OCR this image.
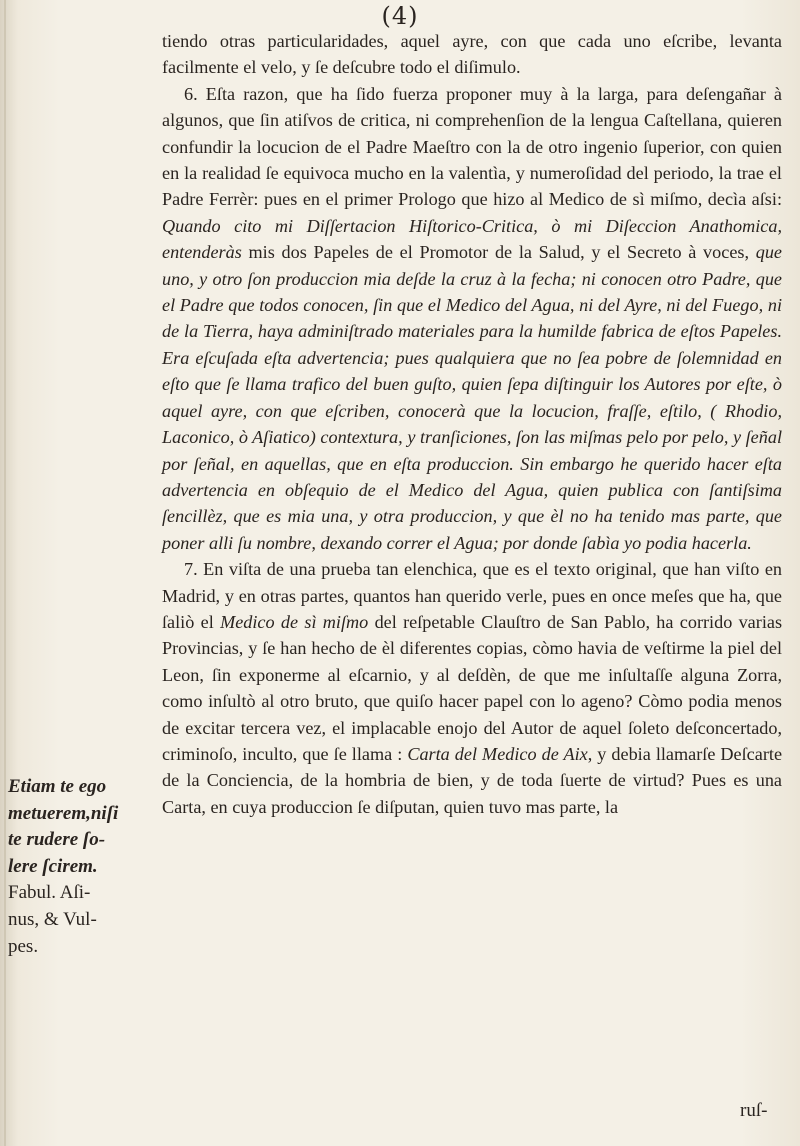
(4)

tiendo otras particularidades, aquel ayre, con que cada uno eſcribe, levanta facilmente el velo, y ſe deſcubre todo el diſimulo.

6. Eſta razon, que ha ſido fuerza proponer muy à la larga, para deſengañar à algunos, que ſin atiſvos de critica, ni comprehenſion de la lengua Caſtellana, quieren confundir la locucion de el Padre Maeſtro con la de otro ingenio ſuperior, con quien en la realidad ſe equivoca mucho en la valentìa, y numeroſidad del periodo, la trae el Padre Ferrèr: pues en el primer Prologo que hizo al Medico de sì miſmo, decìa aſsi: Quando cito mi Diſſertacion Hiſtorico-Critica, ò mi Diſeccion Anathomica, entenderàs mis dos Papeles de el Promotor de la Salud, y el Secreto à voces, que uno, y otro ſon produccion mia deſde la cruz à la fecha; ni conocen otro Padre, que el Padre que todos conocen, ſin que el Medico del Agua, ni del Ayre, ni del Fuego, ni de la Tierra, haya adminiſtrado materiales para la humilde fabrica de eſtos Papeles. Era eſcuſada eſta advertencia; pues qualquiera que no ſea pobre de ſolemnidad en eſto que ſe llama trafico del buen guſto, quien ſepa diſtinguir los Autores por eſte, ò aquel ayre, con que eſcriben, conocerà que la locucion, fraſſe, eſtilo, ( Rhodio, Laconico, ò Aſiatico) contextura, y tranſiciones, ſon las miſmas pelo por pelo, y ſeñal por ſeñal, en aquellas, que en eſta produccion. Sin embargo he querido hacer eſta advertencia en obſequio de el Medico del Agua, quien publica con ſantiſsima ſencillèz, que es mia una, y otra produccion, y que èl no ha tenido mas parte, que poner alli ſu nombre, dexando correr el Agua; por donde ſabìa yo podia hacerla.

7. En viſta de una prueba tan elenchica, que es el texto original, que han viſto en Madrid, y en otras partes, quantos han querido verle, pues en once meſes que ha, que ſaliò el Medico de sì miſmo del reſpetable Clauſtro de San Pablo, ha corrido varias Provincias, y ſe han hecho de èl diferentes copias, còmo havia de veſtirme la piel del Leon, ſin exponerme al eſcarnio, y al deſdèn, de que me inſultaſſe alguna Zorra, como inſultò al otro bruto, que quiſo hacer papel con lo ageno? Còmo podia menos de excitar tercera vez, el implacable enojo del Autor de aquel ſoleto deſconcertado, criminoſo, inculto, que ſe llama : Carta del Medico de Aix, y debia llamarſe Deſcarte de la Conciencia, de la hombria de bien, y de toda ſuerte de virtud? Pues es una Carta, en cuya produccion ſe diſputan, quien tuvo mas parte, la

Etiam te ego
metuerem,niſi
te rudere ſo-
lere ſcirem.
Fabul. Aſi-
nus, & Vul-
pes.
ruſ-
